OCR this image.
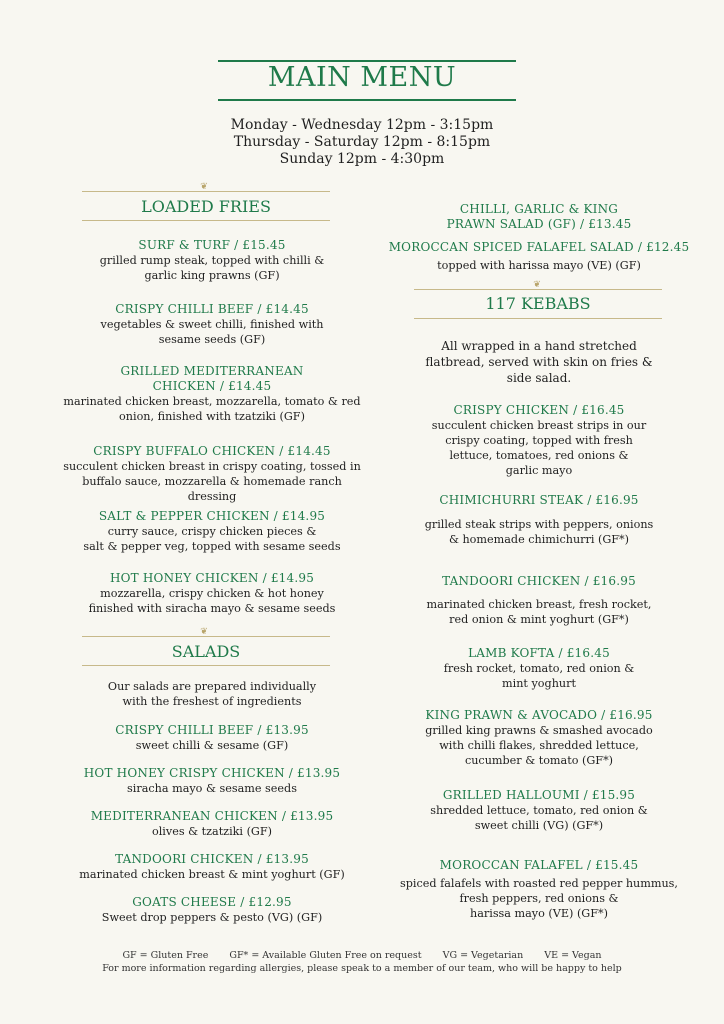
MAIN MENU
Monday - Wednesday 12pm - 3:15pm
Thursday - Saturday 12pm - 8:15pm
Sunday 12pm - 4:30pm
❦
LOADED FRIES
SURF & TURF / £15.45
grilled rump steak, topped with chilli &
garlic king prawns (GF)
CRISPY CHILLI BEEF / £14.45
vegetables & sweet chilli, finished with
sesame seeds (GF)
GRILLED MEDITERRANEAN
CHICKEN / £14.45
marinated chicken breast, mozzarella, tomato & red
onion, finished with tzatziki (GF)
CRISPY BUFFALO CHICKEN / £14.45
succulent chicken breast in crispy coating, tossed in
buffalo sauce, mozzarella & homemade ranch dressing
SALT & PEPPER CHICKEN / £14.95
curry sauce, crispy chicken pieces &
salt & pepper veg, topped with sesame seeds
HOT HONEY CHICKEN / £14.95
mozzarella, crispy chicken & hot honey
finished with siracha mayo & sesame seeds
❦
SALADS
Our salads are prepared individually
with the freshest of ingredients
CRISPY CHILLI BEEF / £13.95
sweet chilli & sesame (GF)
HOT HONEY CRISPY CHICKEN / £13.95
siracha mayo & sesame seeds
MEDITERRANEAN CHICKEN / £13.95
olives & tzatziki (GF)
TANDOORI CHICKEN / £13.95
marinated chicken breast & mint yoghurt (GF)
GOATS CHEESE / £12.95
Sweet drop peppers & pesto (VG) (GF)
CHILLI, GARLIC & KING
PRAWN SALAD (GF) / £13.45
MOROCCAN SPICED FALAFEL SALAD / £12.45
topped with harissa mayo (VE) (GF)
❦
117 KEBABS
All wrapped in a hand stretched
flatbread, served with skin on fries &
side salad.
CRISPY CHICKEN / £16.45
succulent chicken breast strips in our
crispy coating, topped with fresh
lettuce, tomatoes, red onions &
garlic mayo
CHIMICHURRI STEAK / £16.95
grilled steak strips with peppers, onions
& homemade chimichurri (GF*)
TANDOORI CHICKEN / £16.95
marinated chicken breast, fresh rocket,
red onion & mint yoghurt (GF*)
LAMB KOFTA / £16.45
fresh rocket, tomato, red onion &
mint yoghurt
KING PRAWN & AVOCADO / £16.95
grilled king prawns & smashed avocado
with chilli flakes, shredded lettuce,
cucumber & tomato (GF*)
GRILLED HALLOUMI / £15.95
shredded lettuce, tomato, red onion &
sweet chilli (VG) (GF*)
MOROCCAN FALAFEL / £15.45
spiced falafels with roasted red pepper hummus,
fresh peppers, red onions &
harissa mayo (VE) (GF*)
GF = Gluten Free GF* = Available Gluten Free on request VG = Vegetarian VE = Vegan
For more information regarding allergies, please speak to a member of our team, who will be happy to help
